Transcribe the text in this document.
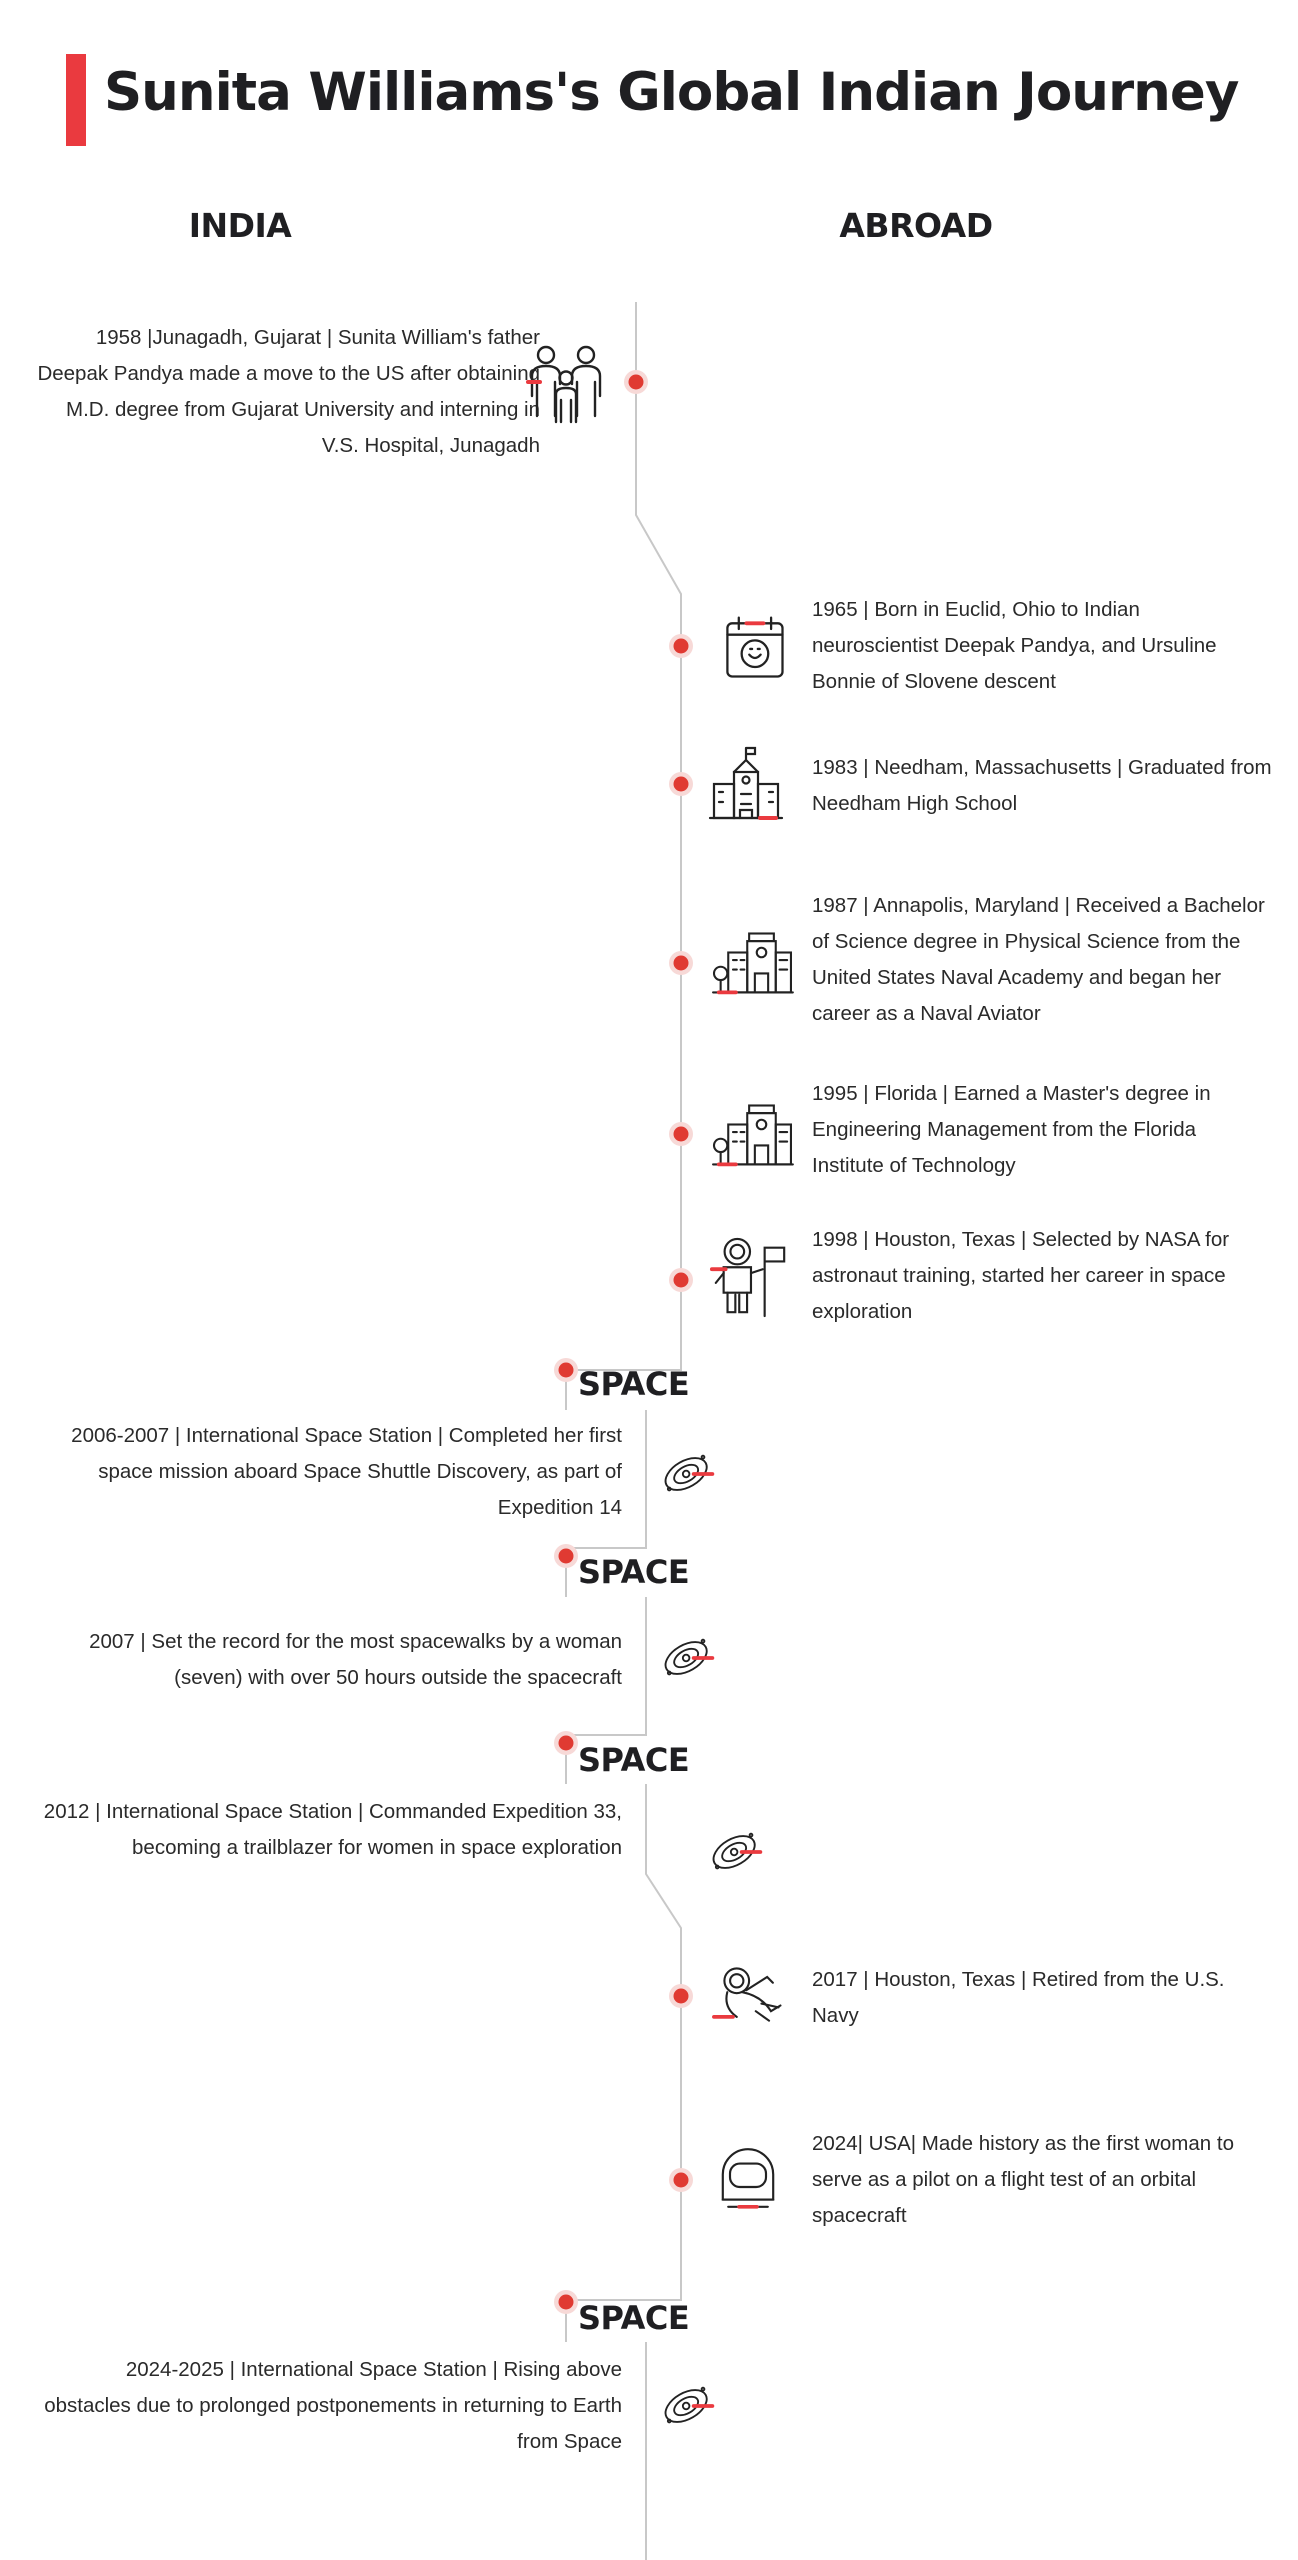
Sunita Williams's Global Indian Journey
INDIA	ABROAD
1958 |Junagadh, Gujarat | Sunita William's father Deepak Pandya made a move to the US after obtaining M.D. degree from Gujarat University and interning in V.S. Hospital, Junagadh
1965 | Born in Euclid, Ohio to Indian neuroscientist Deepak Pandya, and Ursuline Bonnie of Slovene descent
1983 | Needham, Massachusetts | Graduated from Needham High School
1987 | Annapolis, Maryland | Received a Bachelor of Science degree in Physical Science from the United States Naval Academy and began her career as a Naval Aviator
1995 | Florida | Earned a Master's degree in Engineering Management from the Florida Institute of Technology
1998 | Houston, Texas | Selected by NASA for astronaut training, started her career in space exploration
SPACE
2006-2007 | International Space Station | Completed her first space mission aboard Space Shuttle Discovery, as part of Expedition 14
SPACE
2007 | Set the record for the most spacewalks by a woman (seven) with over 50 hours outside the spacecraft
SPACE
2012 | International Space Station | Commanded Expedition 33, becoming a trailblazer for women in space exploration
2017 | Houston, Texas | Retired from the U.S. Navy
2024| USA| Made history as the first woman to serve as a pilot on a flight test of an orbital spacecraft
SPACE
2024-2025 | International Space Station | Rising above obstacles due to prolonged postponements in returning to Earth from Space
